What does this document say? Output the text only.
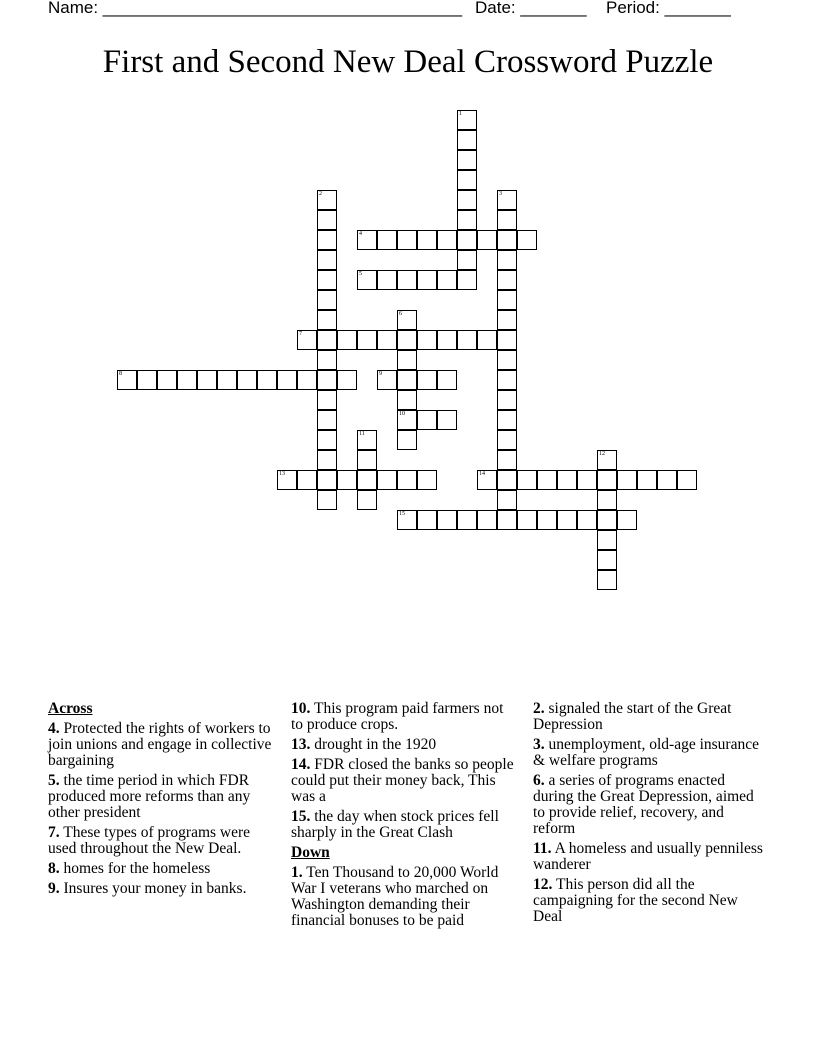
Name: ______________________________________ Date: _______ Period: _______
First and Second New Deal Crossword Puzzle
1
2	3
4
5
6
10
7
8	9
11
12
13	14
15
Across
4. Protected the rights of workers to join unions and engage in collective bargaining
5. the time period in which FDR produced more reforms than any other president
7. These types of programs were used throughout the New Deal.
8. homes for the homeless
9. Insures your money in banks.
10. This program paid farmers not to produce crops.
13. drought in the 1920
14. FDR closed the banks so people could put their money back, This was a
15. the day when stock prices fell sharply in the Great Clash
Down
1. Ten Thousand to 20,000 World War I veterans who marched on Washington demanding their financial bonuses to be paid
2. signaled the start of the Great Depression
3. unemployment, old-age insurance & welfare programs
6. a series of programs enacted during the Great Depression, aimed to provide relief, recovery, and reform
11. A homeless and usually penniless wanderer
12. This person did all the campaigning for the second New Deal
